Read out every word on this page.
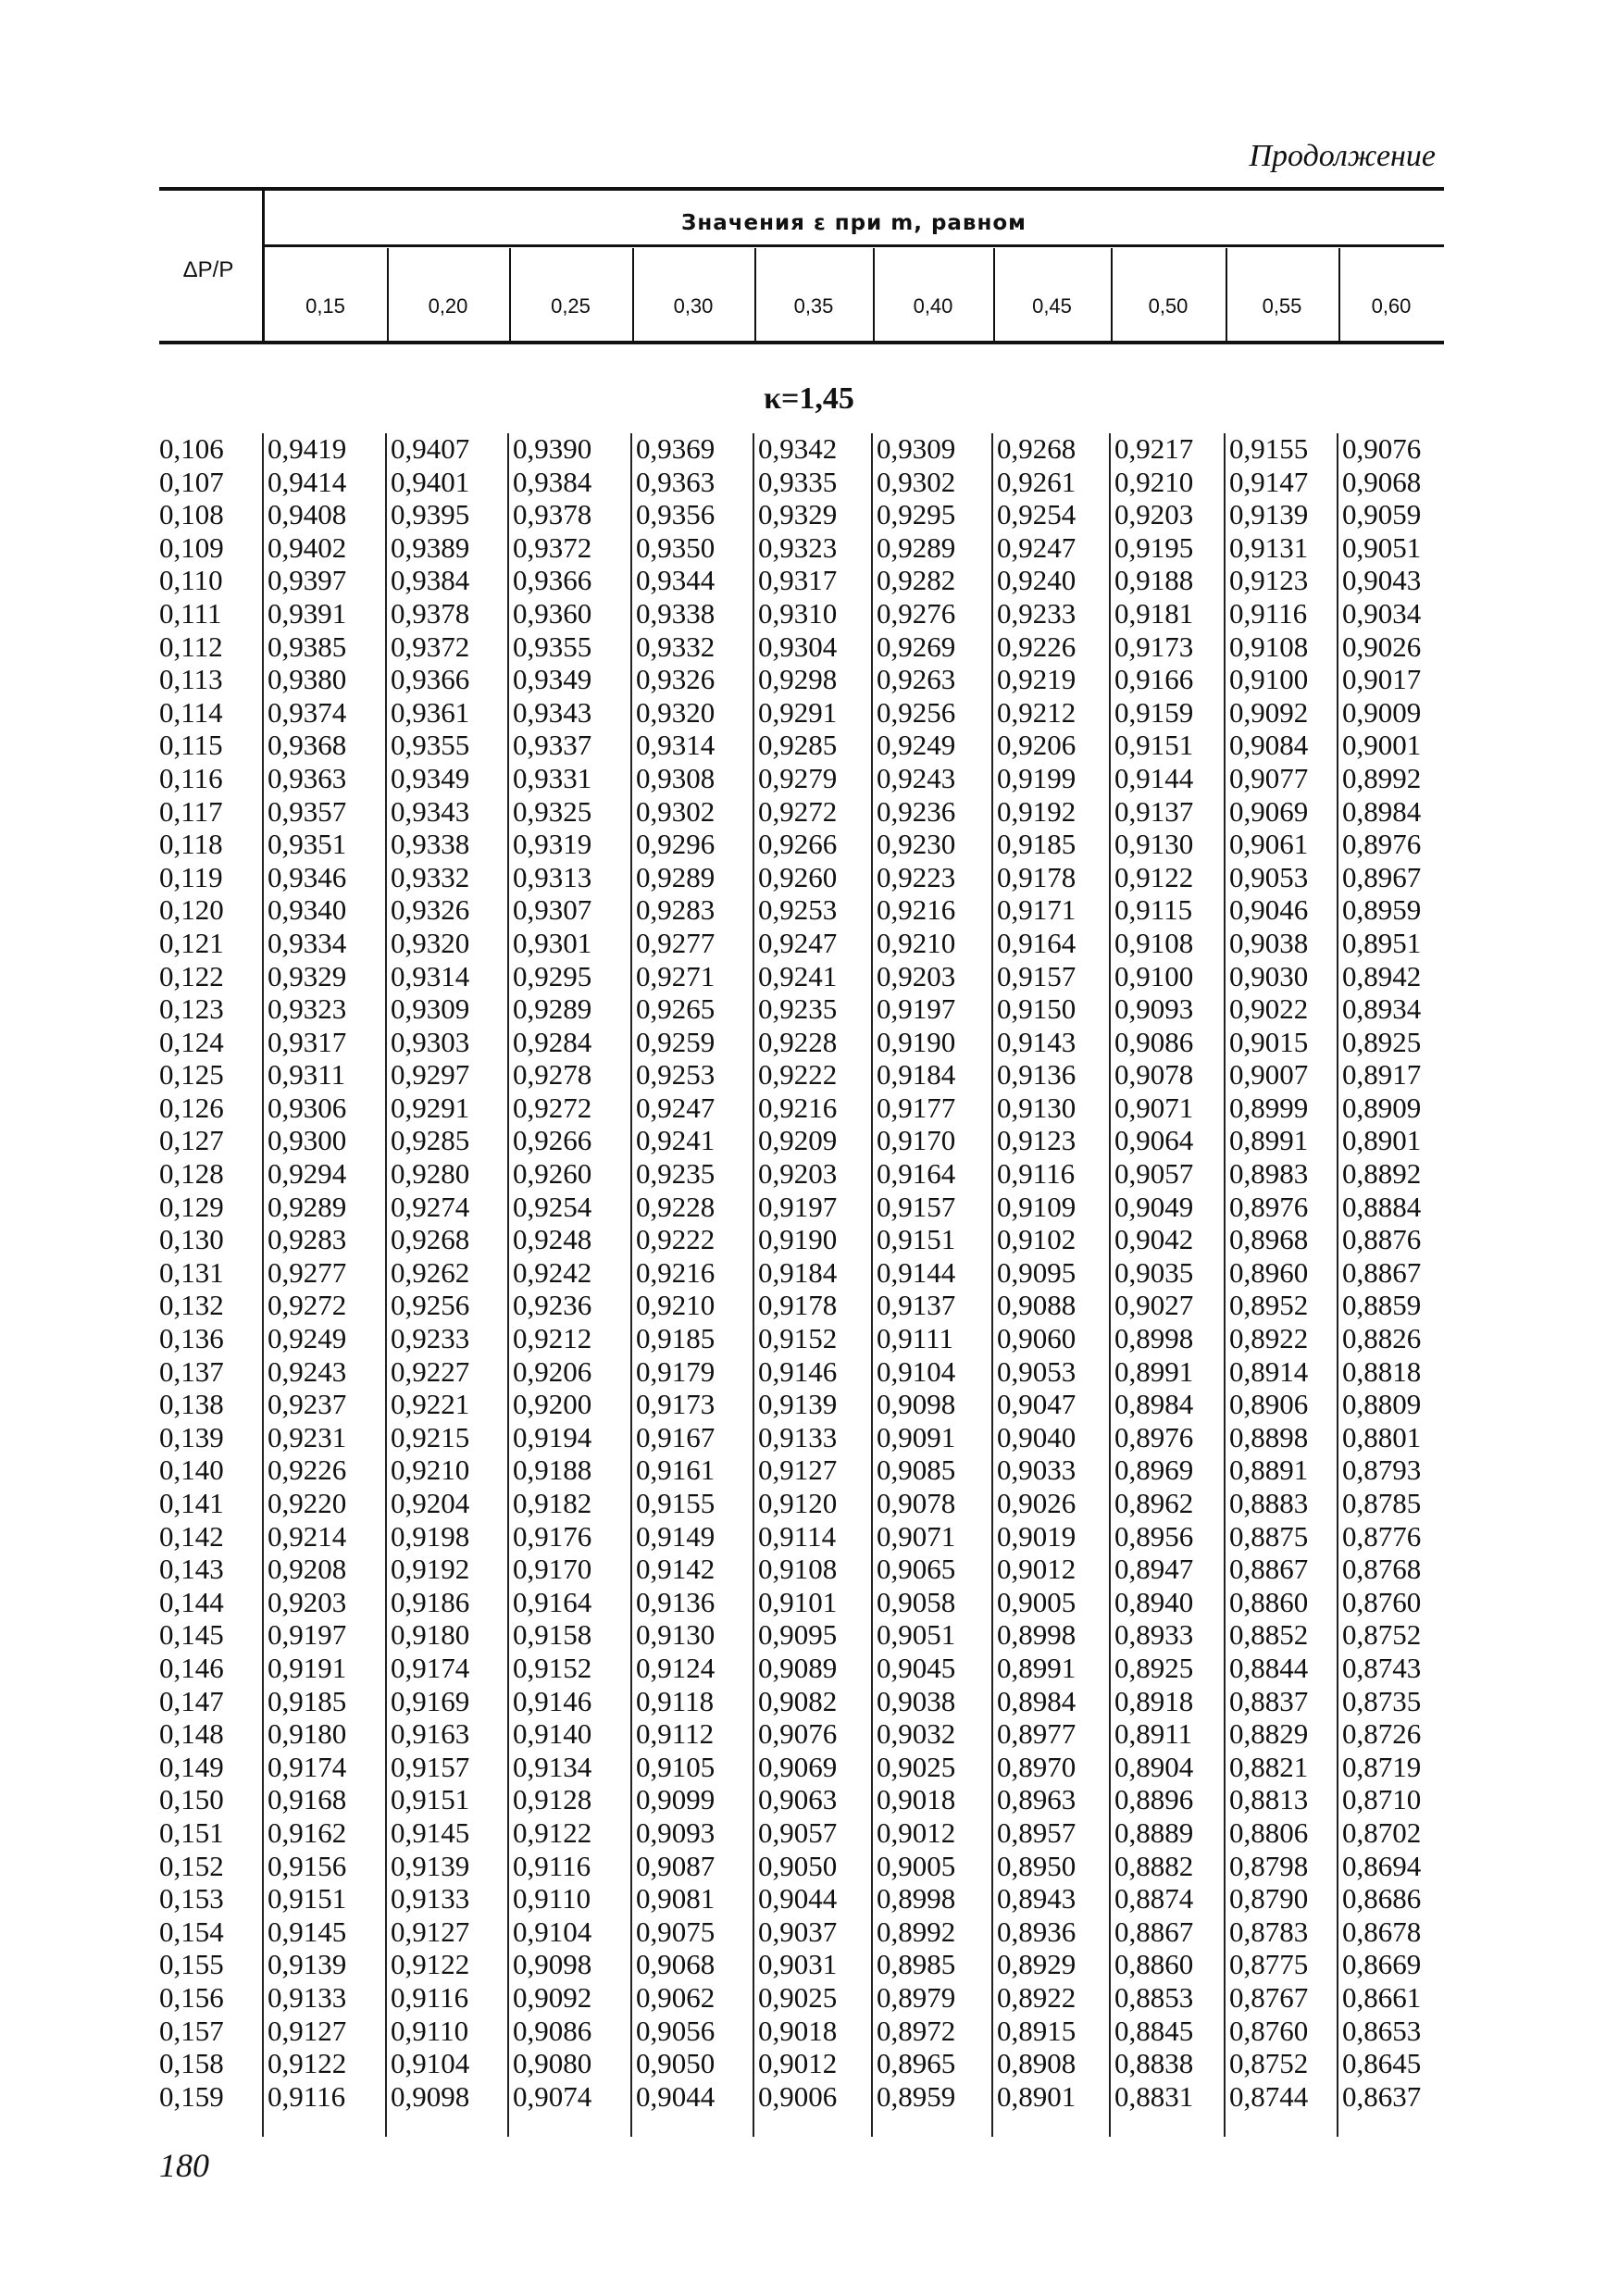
Продолжение
ΔP/P
Значения ε при m, равном
0,15	0,20	0,25	0,30	0,35	0,40	0,45	0,50	0,55	0,60
κ=1,45
0,106 0,9419 0,9407 0,9390 0,9369 0,9342 0,9309 0,9268 0,9217 0,9155 0,9076
0,107 0,9414 0,9401 0,9384 0,9363 0,9335 0,9302 0,9261 0,9210 0,9147 0,9068
0,108 0,9408 0,9395 0,9378 0,9356 0,9329 0,9295 0,9254 0,9203 0,9139 0,9059
0,109 0,9402 0,9389 0,9372 0,9350 0,9323 0,9289 0,9247 0,9195 0,9131 0,9051
0,110 0,9397 0,9384 0,9366 0,9344 0,9317 0,9282 0,9240 0,9188 0,9123 0,9043
0,111 0,9391 0,9378 0,9360 0,9338 0,9310 0,9276 0,9233 0,9181 0,9116 0,9034
0,112 0,9385 0,9372 0,9355 0,9332 0,9304 0,9269 0,9226 0,9173 0,9108 0,9026
0,113 0,9380 0,9366 0,9349 0,9326 0,9298 0,9263 0,9219 0,9166 0,9100 0,9017
0,114 0,9374 0,9361 0,9343 0,9320 0,9291 0,9256 0,9212 0,9159 0,9092 0,9009
0,115 0,9368 0,9355 0,9337 0,9314 0,9285 0,9249 0,9206 0,9151 0,9084 0,9001
0,116 0,9363 0,9349 0,9331 0,9308 0,9279 0,9243 0,9199 0,9144 0,9077 0,8992
0,117 0,9357 0,9343 0,9325 0,9302 0,9272 0,9236 0,9192 0,9137 0,9069 0,8984
0,118 0,9351 0,9338 0,9319 0,9296 0,9266 0,9230 0,9185 0,9130 0,9061 0,8976
0,119 0,9346 0,9332 0,9313 0,9289 0,9260 0,9223 0,9178 0,9122 0,9053 0,8967
0,120 0,9340 0,9326 0,9307 0,9283 0,9253 0,9216 0,9171 0,9115 0,9046 0,8959
0,121 0,9334 0,9320 0,9301 0,9277 0,9247 0,9210 0,9164 0,9108 0,9038 0,8951
0,122 0,9329 0,9314 0,9295 0,9271 0,9241 0,9203 0,9157 0,9100 0,9030 0,8942
0,123 0,9323 0,9309 0,9289 0,9265 0,9235 0,9197 0,9150 0,9093 0,9022 0,8934
0,124 0,9317 0,9303 0,9284 0,9259 0,9228 0,9190 0,9143 0,9086 0,9015 0,8925
0,125 0,9311 0,9297 0,9278 0,9253 0,9222 0,9184 0,9136 0,9078 0,9007 0,8917
0,126 0,9306 0,9291 0,9272 0,9247 0,9216 0,9177 0,9130 0,9071 0,8999 0,8909
0,127 0,9300 0,9285 0,9266 0,9241 0,9209 0,9170 0,9123 0,9064 0,8991 0,8901
0,128 0,9294 0,9280 0,9260 0,9235 0,9203 0,9164 0,9116 0,9057 0,8983 0,8892
0,129 0,9289 0,9274 0,9254 0,9228 0,9197 0,9157 0,9109 0,9049 0,8976 0,8884
0,130 0,9283 0,9268 0,9248 0,9222 0,9190 0,9151 0,9102 0,9042 0,8968 0,8876
0,131 0,9277 0,9262 0,9242 0,9216 0,9184 0,9144 0,9095 0,9035 0,8960 0,8867
0,132 0,9272 0,9256 0,9236 0,9210 0,9178 0,9137 0,9088 0,9027 0,8952 0,8859
0,136 0,9249 0,9233 0,9212 0,9185 0,9152 0,9111 0,9060 0,8998 0,8922 0,8826
0,137 0,9243 0,9227 0,9206 0,9179 0,9146 0,9104 0,9053 0,8991 0,8914 0,8818
0,138 0,9237 0,9221 0,9200 0,9173 0,9139 0,9098 0,9047 0,8984 0,8906 0,8809
0,139 0,9231 0,9215 0,9194 0,9167 0,9133 0,9091 0,9040 0,8976 0,8898 0,8801
0,140 0,9226 0,9210 0,9188 0,9161 0,9127 0,9085 0,9033 0,8969 0,8891 0,8793
0,141 0,9220 0,9204 0,9182 0,9155 0,9120 0,9078 0,9026 0,8962 0,8883 0,8785
0,142 0,9214 0,9198 0,9176 0,9149 0,9114 0,9071 0,9019 0,8956 0,8875 0,8776
0,143 0,9208 0,9192 0,9170 0,9142 0,9108 0,9065 0,9012 0,8947 0,8867 0,8768
0,144 0,9203 0,9186 0,9164 0,9136 0,9101 0,9058 0,9005 0,8940 0,8860 0,8760
0,145 0,9197 0,9180 0,9158 0,9130 0,9095 0,9051 0,8998 0,8933 0,8852 0,8752
0,146 0,9191 0,9174 0,9152 0,9124 0,9089 0,9045 0,8991 0,8925 0,8844 0,8743
0,147 0,9185 0,9169 0,9146 0,9118 0,9082 0,9038 0,8984 0,8918 0,8837 0,8735
0,148 0,9180 0,9163 0,9140 0,9112 0,9076 0,9032 0,8977 0,8911 0,8829 0,8726
0,149 0,9174 0,9157 0,9134 0,9105 0,9069 0,9025 0,8970 0,8904 0,8821 0,8719
0,150 0,9168 0,9151 0,9128 0,9099 0,9063 0,9018 0,8963 0,8896 0,8813 0,8710
0,151 0,9162 0,9145 0,9122 0,9093 0,9057 0,9012 0,8957 0,8889 0,8806 0,8702
0,152 0,9156 0,9139 0,9116 0,9087 0,9050 0,9005 0,8950 0,8882 0,8798 0,8694
0,153 0,9151 0,9133 0,9110 0,9081 0,9044 0,8998 0,8943 0,8874 0,8790 0,8686
0,154 0,9145 0,9127 0,9104 0,9075 0,9037 0,8992 0,8936 0,8867 0,8783 0,8678
0,155 0,9139 0,9122 0,9098 0,9068 0,9031 0,8985 0,8929 0,8860 0,8775 0,8669
0,156 0,9133 0,9116 0,9092 0,9062 0,9025 0,8979 0,8922 0,8853 0,8767 0,8661
0,157 0,9127 0,9110 0,9086 0,9056 0,9018 0,8972 0,8915 0,8845 0,8760 0,8653
0,158 0,9122 0,9104 0,9080 0,9050 0,9012 0,8965 0,8908 0,8838 0,8752 0,8645
0,159 0,9116 0,9098 0,9074 0,9044 0,9006 0,8959 0,8901 0,8831 0,8744 0,8637
180
